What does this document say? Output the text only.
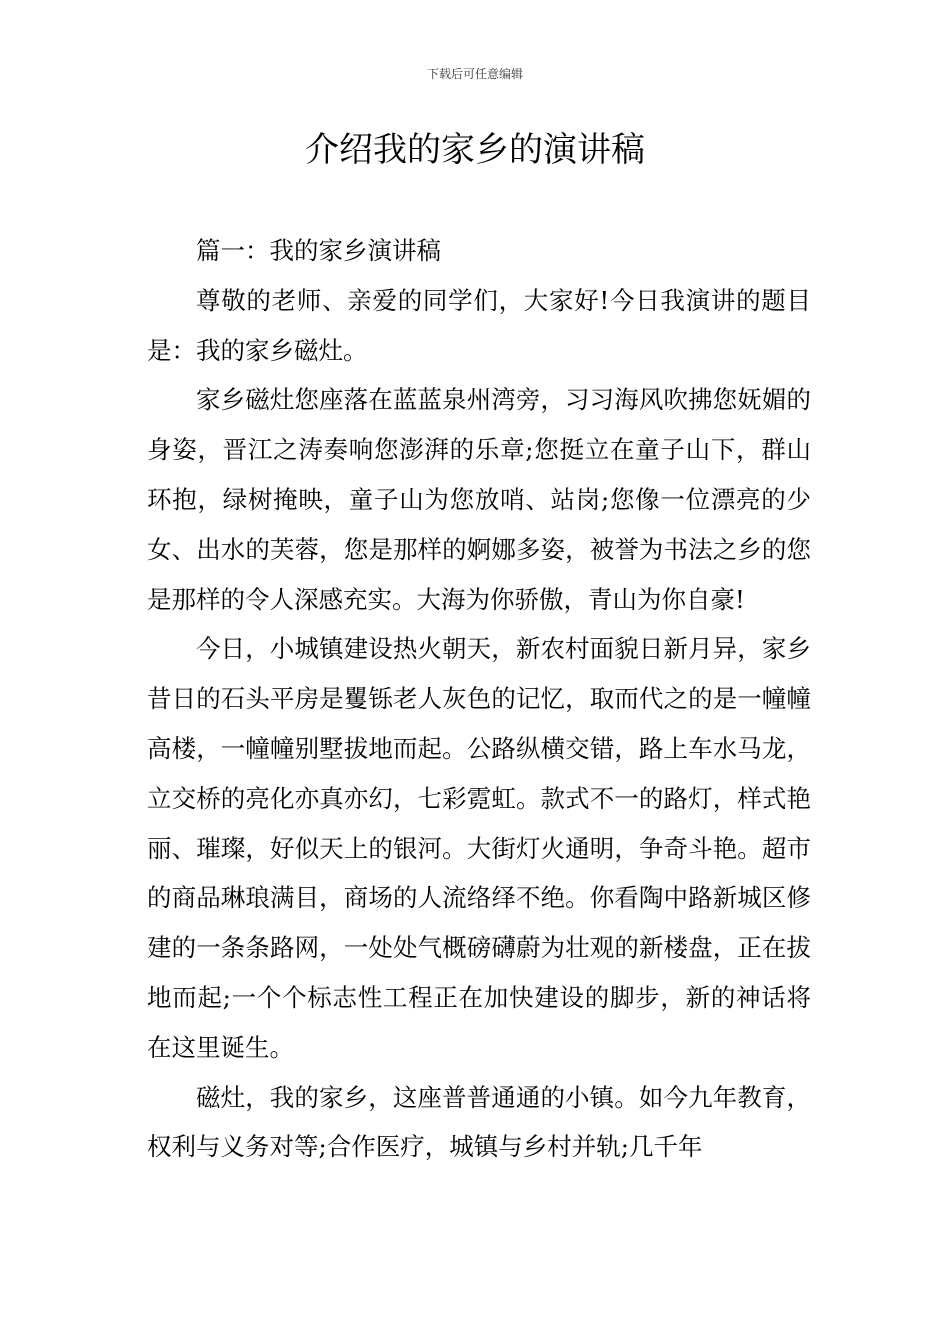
下载后可任意编辑
介绍我的家乡的演讲稿

篇一：我的家乡演讲稿

尊敬的老师、亲爱的同学们，大家好!今日我演讲的题目是：我的家乡磁灶。

家乡磁灶您座落在蓝蓝泉州湾旁，习习海风吹拂您妩媚的身姿，晋江之涛奏响您澎湃的乐章;您挺立在童子山下，群山环抱，绿树掩映，童子山为您放哨、站岗;您像一位漂亮的少女、出水的芙蓉，您是那样的婀娜多姿，被誉为书法之乡的您是那样的令人深感充实。大海为你骄傲，青山为你自豪!

今日，小城镇建设热火朝天，新农村面貌日新月异，家乡昔日的石头平房是矍铄老人灰色的记忆，取而代之的是一幢幢高楼，一幢幢别墅拔地而起。公路纵横交错，路上车水马龙，立交桥的亮化亦真亦幻，七彩霓虹。款式不一的路灯，样式艳丽、璀璨，好似天上的银河。大街灯火通明，争奇斗艳。超市的商品琳琅满目，商场的人流络绎不绝。你看陶中路新城区修建的一条条路网，一处处气概磅礴蔚为壮观的新楼盘，正在拔地而起;一个个标志性工程正在加快建设的脚步，新的神话将在这里诞生。

磁灶，我的家乡，这座普普通通的小镇。如今九年教育，权利与义务对等;合作医疗，城镇与乡村并轨;几千年
